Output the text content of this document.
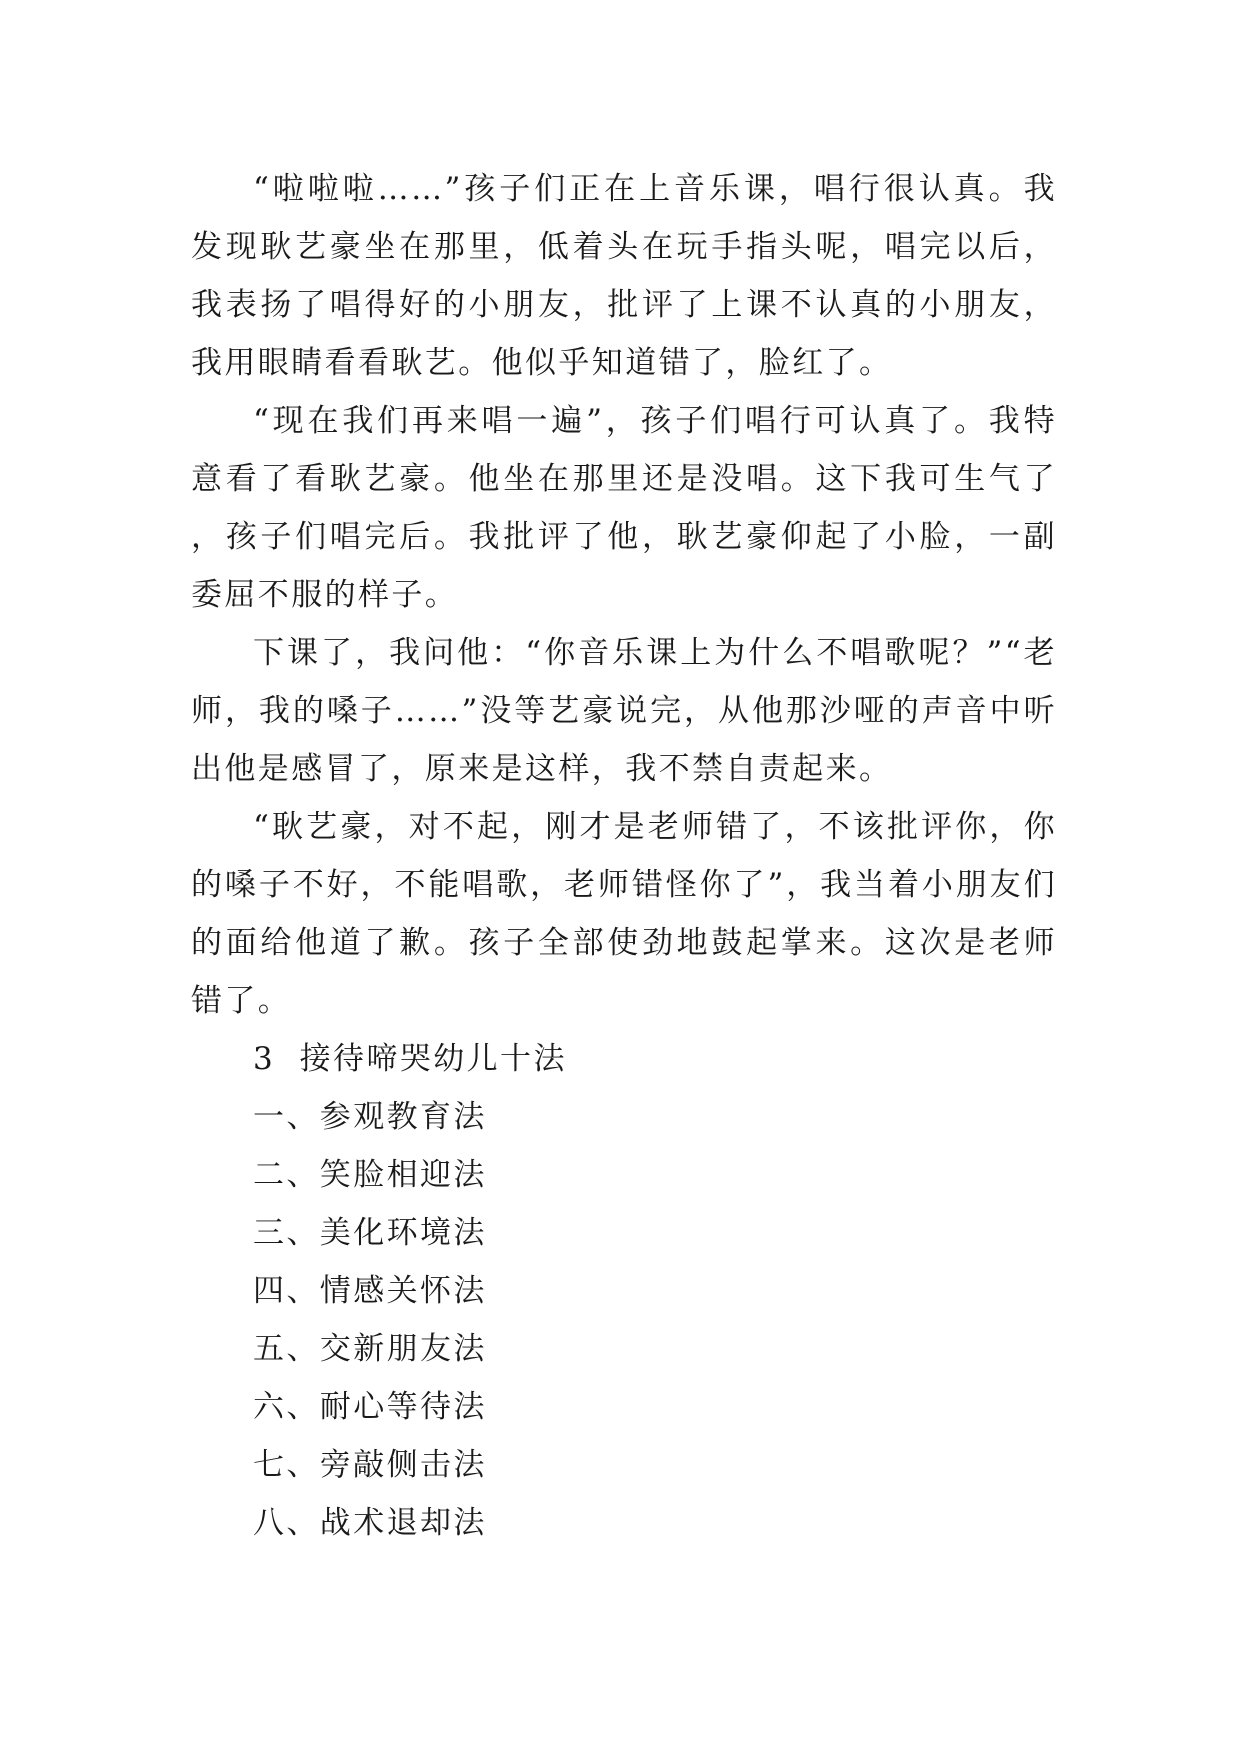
“啦啦啦……”孩子们正在上音乐课，唱行很认真。我发现耿艺豪坐在那里，低着头在玩手指头呢，唱完以后，我表扬了唱得好的小朋友，批评了上课不认真的小朋友，我用眼睛看看耿艺。他似乎知道错了，脸红了。

“现在我们再来唱一遍”，孩子们唱行可认真了。我特意看了看耿艺豪。他坐在那里还是没唱。这下我可生气了，孩子们唱完后。我批评了他，耿艺豪仰起了小脸，一副委屈不服的样子。

下课了，我问他：“你音乐课上为什么不唱歌呢？”“老师，我的嗓子……”没等艺豪说完，从他那沙哑的声音中听出他是感冒了，原来是这样，我不禁自责起来。

“耿艺豪，对不起，刚才是老师错了，不该批评你，你的嗓子不好，不能唱歌，老师错怪你了”，我当着小朋友们的面给他道了歉。孩子全部使劲地鼓起掌来。这次是老师错了。

3 接待啼哭幼儿十法

一、参观教育法
二、笑脸相迎法
三、美化环境法
四、情感关怀法
五、交新朋友法
六、耐心等待法
七、旁敲侧击法
八、战术退却法
